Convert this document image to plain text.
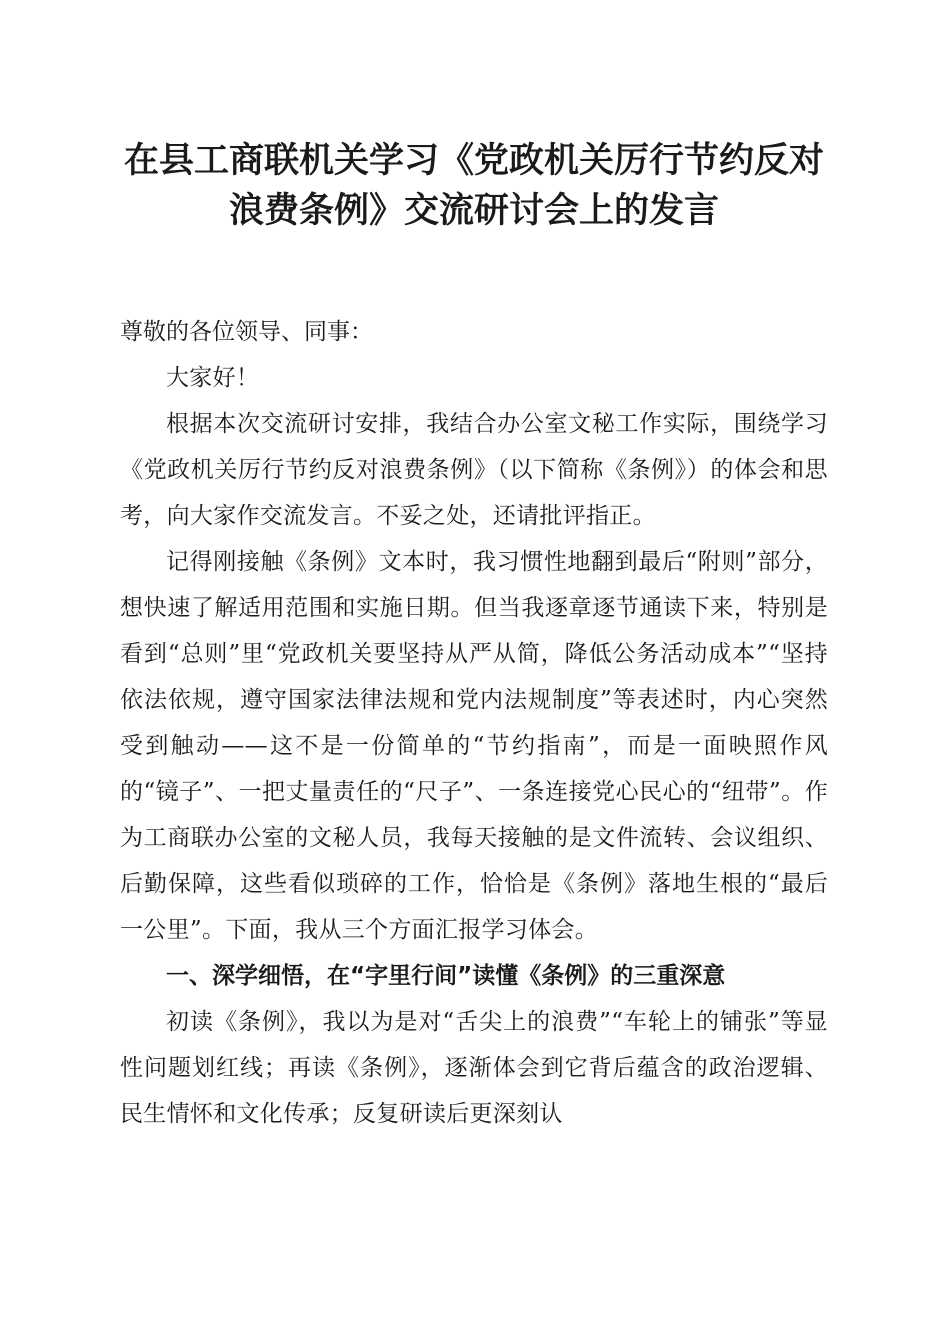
在县工商联机关学习《党政机关厉行节约反对
浪费条例》交流研讨会上的发言

尊敬的各位领导、同事：

大家好！

根据本次交流研讨安排，我结合办公室文秘工作实际，围绕学习《党政机关厉行节约反对浪费条例》（以下简称《条例》）的体会和思考，向大家作交流发言。不妥之处，还请批评指正。

记得刚接触《条例》文本时，我习惯性地翻到最后“附则”部分，想快速了解适用范围和实施日期。但当我逐章逐节通读下来，特别是看到“总则”里“党政机关要坚持从严从简，降低公务活动成本”“坚持依法依规，遵守国家法律法规和党内法规制度”等表述时，内心突然受到触动——这不是一份简单的“节约指南”，而是一面映照作风的“镜子”、一把丈量责任的“尺子”、一条连接党心民心的“纽带”。作为工商联办公室的文秘人员，我每天接触的是文件流转、会议组织、后勤保障，这些看似琐碎的工作，恰恰是《条例》落地生根的“最后一公里”。下面，我从三个方面汇报学习体会。

一、深学细悟，在“字里行间”读懂《条例》的三重深意

初读《条例》，我以为是对“舌尖上的浪费”“车轮上的铺张”等显性问题划红线；再读《条例》，逐渐体会到它背后蕴含的政治逻辑、民生情怀和文化传承；反复研读后更深刻认
